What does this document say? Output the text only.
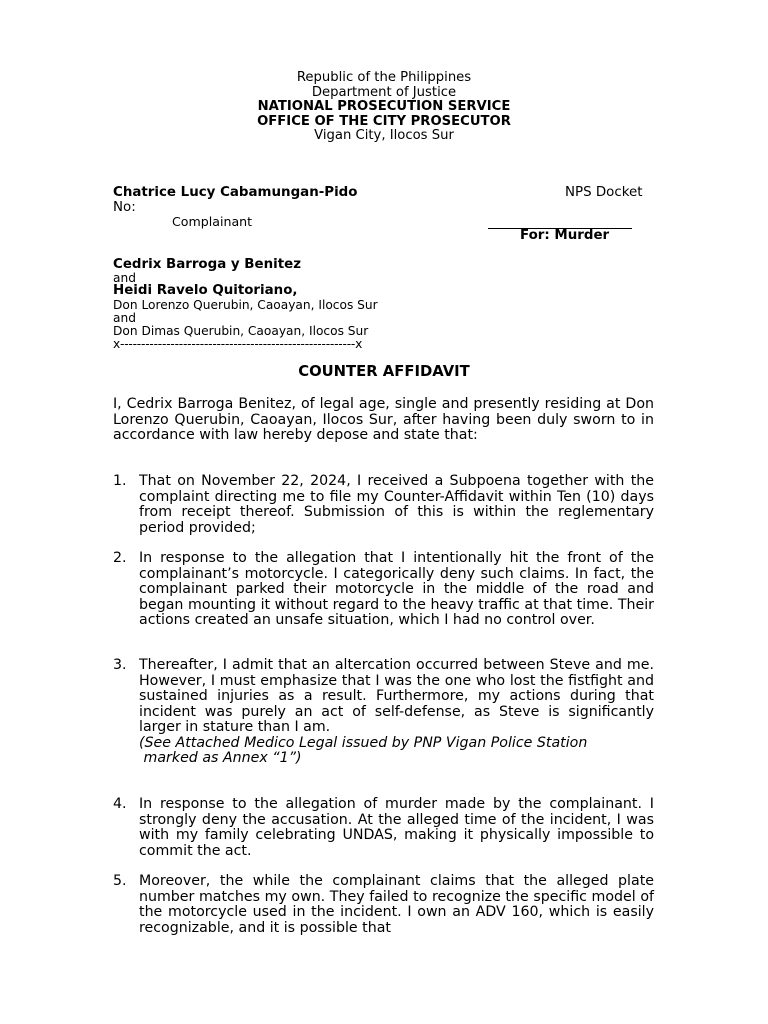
Republic of the Philippines
Department of Justice
NATIONAL PROSECUTION SERVICE
OFFICE OF THE CITY PROSECUTOR
Vigan City, Ilocos Sur
Chatrice Lucy Cabamungan-Pido	NPS Docket
No:
Complainant
For: Murder
Cedrix Barroga y Benitez
and
Heidi Ravelo Quitoriano,
Don Lorenzo Querubin, Caoayan, Ilocos Sur
and
Don Dimas Querubin, Caoayan, Ilocos Sur
x--------------------------------------------------------x
COUNTER AFFIDAVIT
I, Cedrix Barroga Benitez, of legal age, single and presently residing at Don Lorenzo Querubin, Caoayan, Ilocos Sur, after having been duly sworn to in accordance with law hereby depose and state that:
1. That on November 22, 2024, I received a Subpoena together with the complaint directing me to file my Counter-Affidavit within Ten (10) days from receipt thereof. Submission of this is within the reglementary period provided;
2. In response to the allegation that I intentionally hit the front of the complainant’s motorcycle. I categorically deny such claims. In fact, the complainant parked their motorcycle in the middle of the road and began mounting it without regard to the heavy traffic at that time. Their actions created an unsafe situation, which I had no control over.
3. Thereafter, I admit that an altercation occurred between Steve and me. However, I must emphasize that I was the one who lost the fistfight and sustained injuries as a result. Furthermore, my actions during that incident was purely an act of self-defense, as Steve is significantly larger in stature than I am.
(See Attached Medico Legal issued by PNP Vigan Police Station
marked as Annex “1”)
4. In response to the allegation of murder made by the complainant. I strongly deny the accusation. At the alleged time of the incident, I was with my family celebrating UNDAS, making it physically impossible to commit the act.
5. Moreover, the while the complainant claims that the alleged plate number matches my own. They failed to recognize the specific model of the motorcycle used in the incident. I own an ADV 160, which is easily recognizable, and it is possible that
